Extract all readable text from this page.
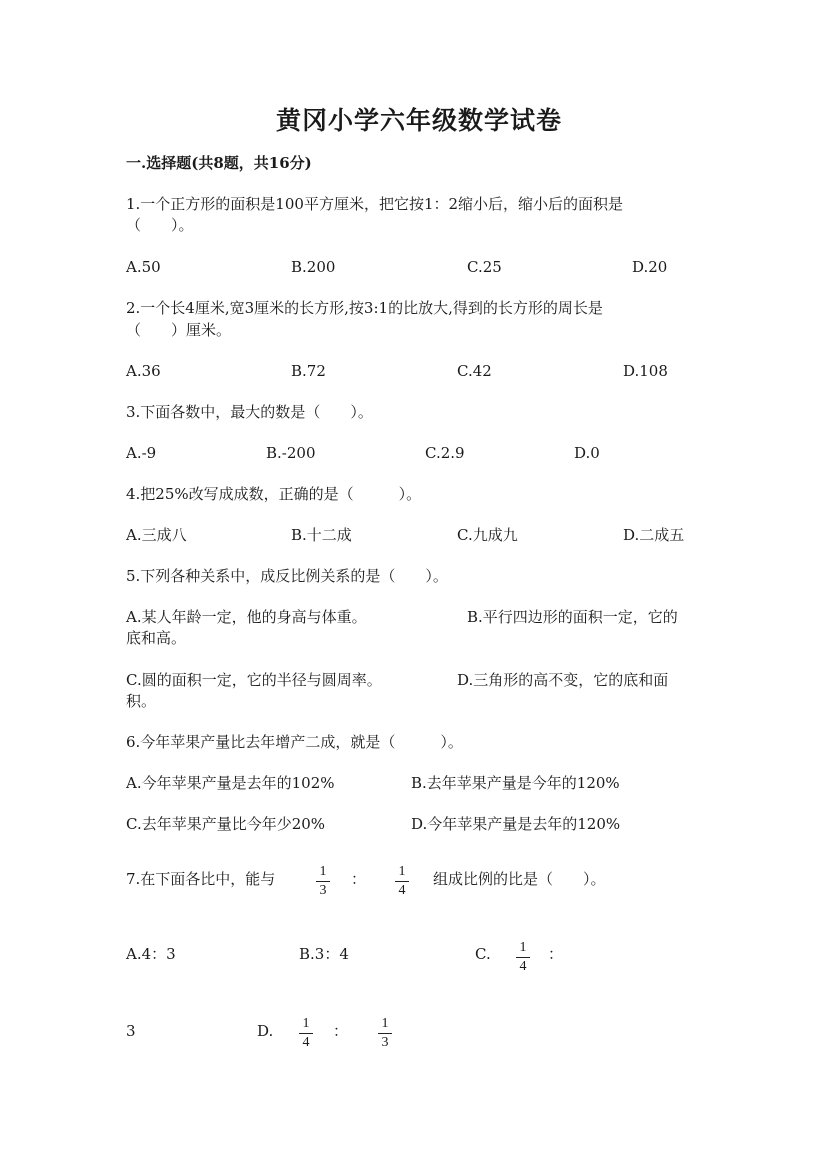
黄冈小学六年级数学试卷
一.选择题(共8题，共16分)
1.一个正方形的面积是100平方厘米，把它按1：2缩小后，缩小后的面积是
（　　）。
A.50	B.200	C.25	D.20
2.一个长4厘米,宽3厘米的长方形,按3:1的比放大,得到的长方形的周长是
（　　）厘米。
A.36	B.72	C.42	D.108
3.下面各数中，最大的数是（　　）。
A.-9	B.-200	C.2.9	D.0
4.把25%改写成成数，正确的是（　　　）。
A.三成八	B.十二成	C.九成九	D.二成五
5.下列各种关系中，成反比例关系的是（　　）。
A.某人年龄一定，他的身高与体重。	B.平行四边形的面积一定，它的
底和高。
C.圆的面积一定，它的半径与圆周率。	D.三角形的高不变，它的底和面
积。
6.今年苹果产量比去年增产二成，就是（　　　）。
A.今年苹果产量是去年的102%	B.去年苹果产量是今年的120%
C.去年苹果产量比今年少20%	D.今年苹果产量是去年的120%
7.在下面各比中，能与	1
3
： 1
4
组成比例的比是（　　）。
A.4：3	B.3：4	C. 1
4
：
3	D. 1
4
： 1
3
